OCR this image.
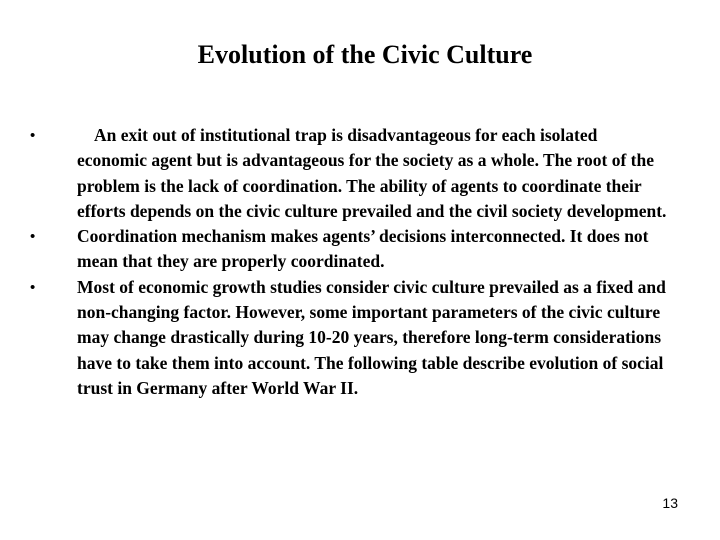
Evolution of the Civic Culture
•	An exit out of institutional trap is disadvantageous for each isolated economic agent but is advantageous for the society as a whole. The root of the problem is the lack of coordination. The ability of agents to coordinate their efforts depends on the civic culture prevailed and the civil society development.
• Coordination mechanism makes agents’ decisions interconnected. It does not mean that they are properly coordinated.
• Most of economic growth studies consider civic culture prevailed as a fixed and non-changing factor. However, some important parameters of the civic culture may change drastically during 10-20 years, therefore long-term considerations have to take them into account. The following table describe evolution of social trust in Germany after World War II.
13
